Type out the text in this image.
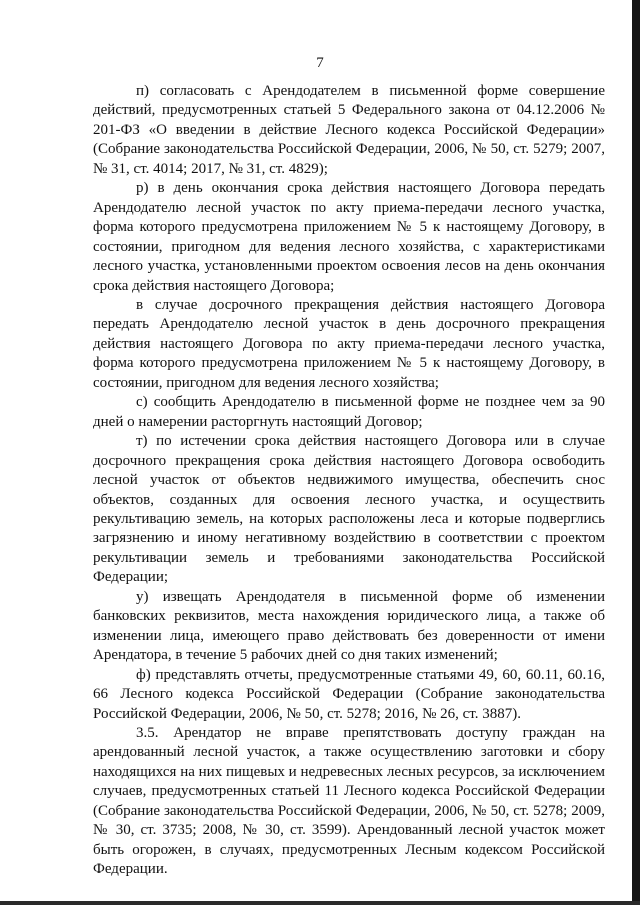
7

п) согласовать с Арендодателем в письменной форме совершение действий, предусмотренных статьей 5 Федерального закона от 04.12.2006 № 201-ФЗ «О введении в действие Лесного кодекса Российской Федерации» (Собрание законодательства Российской Федерации, 2006, № 50, ст. 5279; 2007, № 31, ст. 4014; 2017, № 31, ст. 4829);

р) в день окончания срока действия настоящего Договора передать Арендодателю лесной участок по акту приема-передачи лесного участка, форма которого предусмотрена приложением № 5 к настоящему Договору, в состоянии, пригодном для ведения лесного хозяйства, с характеристиками лесного участка, установленными проектом освоения лесов на день окончания срока действия настоящего Договора;

в случае досрочного прекращения действия настоящего Договора передать Арендодателю лесной участок в день досрочного прекращения действия настоящего Договора по акту приема-передачи лесного участка, форма которого предусмотрена приложением № 5 к настоящему Договору, в состоянии, пригодном для ведения лесного хозяйства;

с) сообщить Арендодателю в письменной форме не позднее чем за 90 дней о намерении расторгнуть настоящий Договор;

т) по истечении срока действия настоящего Договора или в случае досрочного прекращения срока действия настоящего Договора освободить лесной участок от объектов недвижимого имущества, обеспечить снос объектов, созданных для освоения лесного участка, и осуществить рекультивацию земель, на которых расположены леса и которые подверглись загрязнению и иному негативному воздействию в соответствии с проектом рекультивации земель и требованиями законодательства Российской Федерации;

у) извещать Арендодателя в письменной форме об изменении банковских реквизитов, места нахождения юридического лица, а также об изменении лица, имеющего право действовать без доверенности от имени Арендатора, в течение 5 рабочих дней со дня таких изменений;

ф) представлять отчеты, предусмотренные статьями 49, 60, 60.11, 60.16, 66 Лесного кодекса Российской Федерации (Собрание законодательства Российской Федерации, 2006, № 50, ст. 5278; 2016, № 26, ст. 3887).

3.5. Арендатор не вправе препятствовать доступу граждан на арендованный лесной участок, а также осуществлению заготовки и сбору находящихся на них пищевых и недревесных лесных ресурсов, за исключением случаев, предусмотренных статьей 11 Лесного кодекса Российской Федерации (Собрание законодательства Российской Федерации, 2006, № 50, ст. 5278; 2009, № 30, ст. 3735; 2008, № 30, ст. 3599). Арендованный лесной участок может быть огорожен, в случаях, предусмотренных Лесным кодексом Российской Федерации.
